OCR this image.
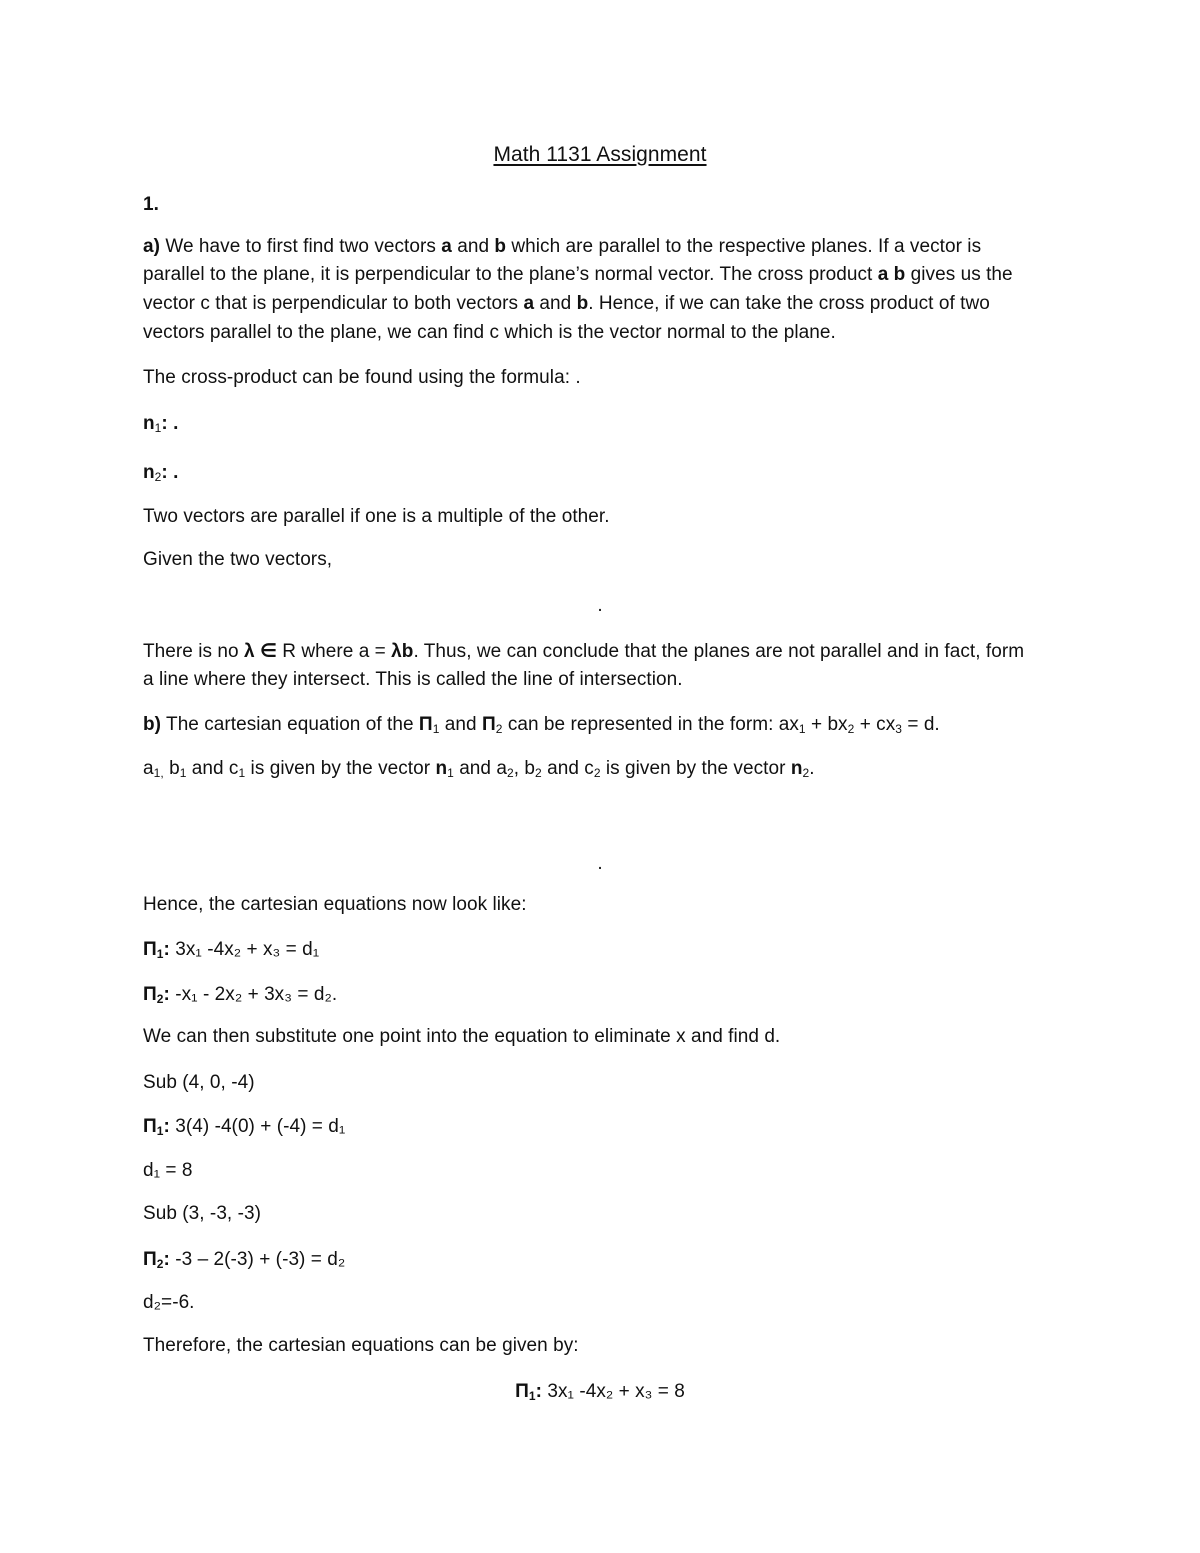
Math 1131 Assignment
1.
a) We have to first find two vectors a and b which are parallel to the respective planes. If a vector is
parallel to the plane, it is perpendicular to the plane’s normal vector. The cross product a b gives us the
vector c that is perpendicular to both vectors a and b. Hence, if we can take the cross product of two
vectors parallel to the plane, we can find c which is the vector normal to the plane.
The cross-product can be found using the formula: .
$n_1$: .
$n_2$: .
Two vectors are parallel if one is a multiple of the other.
Given the two vectors,
.
There is no λ ∈ R where a = λb. Thus, we can conclude that the planes are not parallel and in fact, form
a line where they intersect. This is called the line of intersection.
b) The cartesian equation of the $\Pi_1$ and $\Pi_2$ can be represented in the form: $ax_1 + bx_2 + cx_3 = d$.
$a_{1,}$ $b_1$ and $c_1$ is given by the vector $n_1$ and $a_2$, $b_2$ and $c_2$ is given by the vector $n_2$.
.
Hence, the cartesian equations now look like:
$\Pi_1$: 3x₁ -4x₂ + x₃ = d₁
$\Pi_2$: -x₁ - 2x₂ + 3x₃ = d₂.
We can then substitute one point into the equation to eliminate x and find d.
Sub (4, 0, -4)
$\Pi_1$: 3(4) -4(0) + (-4) = d₁
d₁ = 8
Sub (3, -3, -3)
$\Pi_2$: -3 – 2(-3) + (-3) = d₂
d₂=-6.
Therefore, the cartesian equations can be given by:
$\Pi_1$: 3x₁ -4x₂ + x₃ = 8
